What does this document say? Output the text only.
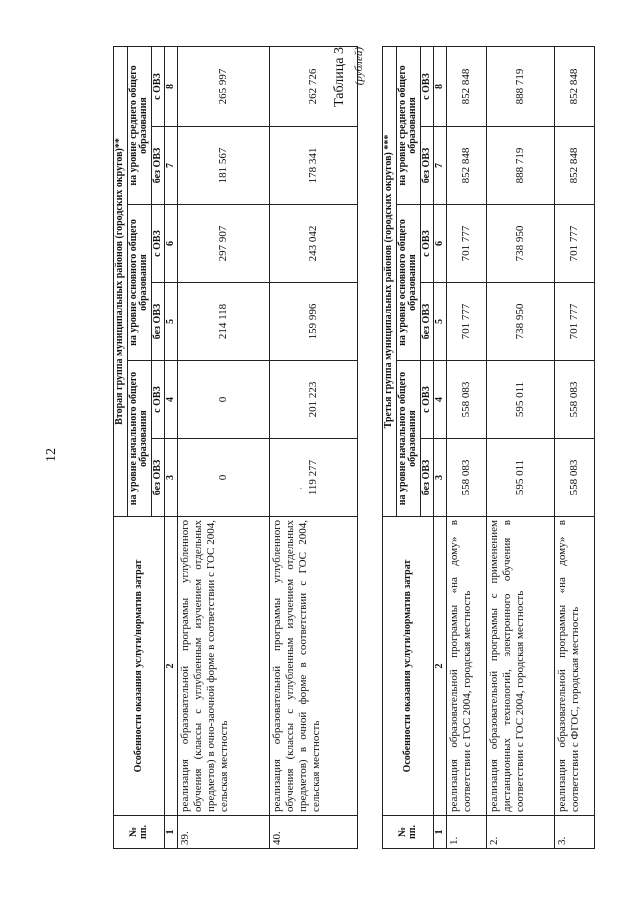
12
№ пп.	Особенности оказания услуги/норматив затрат	Вторая группа муниципальных районов (городских округов)**					
		на уровне начального общего образования		на уровне основного общего образования		на уровне среднего общего образования	
		без ОВЗ	с ОВЗ	без ОВЗ	с ОВЗ	без ОВЗ	с ОВЗ
1	2	3	4	5	6	7	8
39.	реализация образовательной программы углубленного обучения (классы с углубленным изучением отдельных предметов) в очно-заочной форме в соответствии с ГОС 2004, сельская местность	0	0	214 118	297 907	181 567	265 997
40.	реализация образовательной программы углубленного обучения (классы с углубленным изучением отдельных предметов) в очной форме в соответствии с ГОС 2004, сельская местность	119 277	201 223	159 996	243 042	178 341	262 726
·
Таблица 3 (рублей)
№ пп.	Особенности оказания услуги/норматив затрат	Третья группа муниципальных районов (городских округов) ***					
		на уровне начального общего образования		на уровне основного общего образования		на уровне среднего общего образования	
		без ОВЗ	с ОВЗ	без ОВЗ	с ОВЗ	без ОВЗ	с ОВЗ
1	2	3	4	5	6	7	8
1.	реализация образовательной программы «на дому» в соответствии с ГОС 2004, городская местность	558 083	558 083	701 777	701 777	852 848	852 848
2.	реализация образовательной программы с применением дистанционных технологий, электронного обучения в соответствии с ГОС 2004, городская местность	595 011	595 011	738 950	738 950	888 719	888 719
3.	реализация образовательной программы «на дому» в соответствии с ФГОС, городская местность	558 083	558 083	701 777	701 777	852 848	852 848
